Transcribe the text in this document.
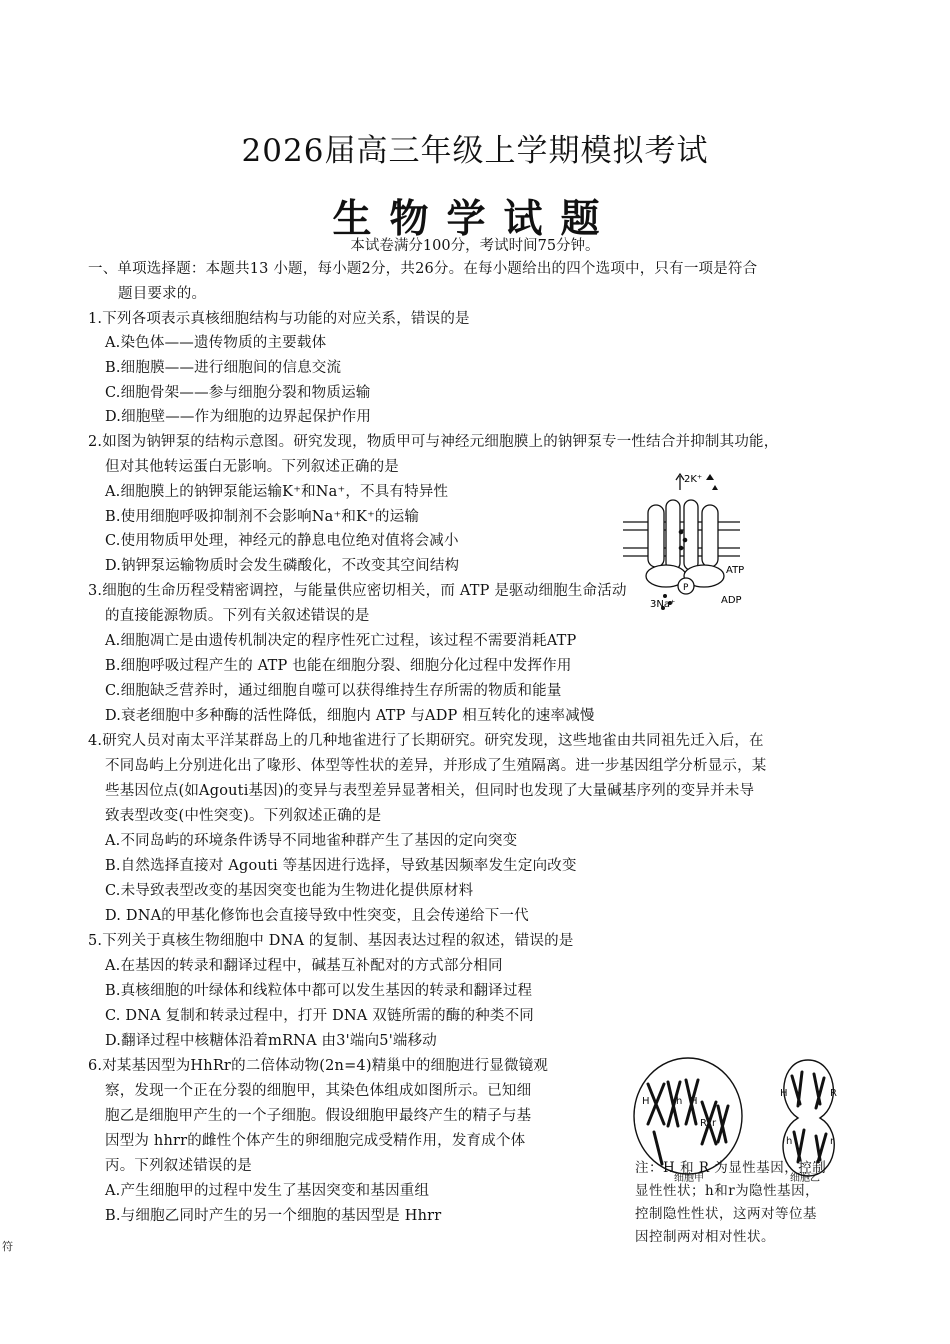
2026届高三年级上学期模拟考试
生物学试题
本试卷满分100分，考试时间75分钟。
一、单项选择题：本题共13 小题，每小题2分，共26分。在每小题给出的四个选项中，只有一项是符合
题目要求的。
1.下列各项表示真核细胞结构与功能的对应关系，错误的是
A.染色体——遗传物质的主要载体
B.细胞膜——进行细胞间的信息交流
C.细胞骨架——参与细胞分裂和物质运输
D.细胞壁——作为细胞的边界起保护作用
2.如图为钠钾泵的结构示意图。研究发现，物质甲可与神经元细胞膜上的钠钾泵专一性结合并抑制其功能，
但对其他转运蛋白无影响。下列叙述正确的是
A.细胞膜上的钠钾泵能运输K⁺和Na⁺，不具有特异性
B.使用细胞呼吸抑制剂不会影响Na⁺和K⁺的运输
C.使用物质甲处理，神经元的静息电位绝对值将会减小
D.钠钾泵运输物质时会发生磷酸化，不改变其空间结构
2K⁺
P
ATP
ADP
3Na⁺
3.细胞的生命历程受精密调控，与能量供应密切相关，而 ATP 是驱动细胞生命活动
的直接能源物质。下列有关叙述错误的是
A.细胞凋亡是由遗传机制决定的程序性死亡过程，该过程不需要消耗ATP
B.细胞呼吸过程产生的 ATP 也能在细胞分裂、细胞分化过程中发挥作用
C.细胞缺乏营养时，通过细胞自噬可以获得维持生存所需的物质和能量
D.衰老细胞中多种酶的活性降低，细胞内 ATP 与ADP 相互转化的速率减慢
4.研究人员对南太平洋某群岛上的几种地雀进行了长期研究。研究发现，这些地雀由共同祖先迁入后，在
不同岛屿上分别进化出了喙形、体型等性状的差异，并形成了生殖隔离。进一步基因组学分析显示，某
些基因位点(如Agouti基因)的变异与表型差异显著相关，但同时也发现了大量碱基序列的变异并未导
致表型改变(中性突变)。下列叙述正确的是
A.不同岛屿的环境条件诱导不同地雀种群产生了基因的定向突变
B.自然选择直接对 Agouti 等基因进行选择，导致基因频率发生定向改变
C.未导致表型改变的基因突变也能为生物进化提供原材料
D. DNA的甲基化修饰也会直接导致中性突变，且会传递给下一代
5.下列关于真核生物细胞中 DNA 的复制、基因表达过程的叙述，错误的是
A.在基因的转录和翻译过程中，碱基互补配对的方式部分相同
B.真核细胞的叶绿体和线粒体中都可以发生基因的转录和翻译过程
C. DNA 复制和转录过程中，打开 DNA 双链所需的酶的种类不同
D.翻译过程中核糖体沿着mRNA 由3'端向5'端移动
6.对某基因型为HhRr的二倍体动物(2n=4)精巢中的细胞进行显微镜观
察，发现一个正在分裂的细胞甲，其染色体组成如图所示。已知细
胞乙是细胞甲产生的一个子细胞。假设细胞甲最终产生的精子与基
因型为 hhrr的雌性个体产生的卵细胞完成受精作用，发育成个体
丙。下列叙述错误的是
A.产生细胞甲的过程中发生了基因突变和基因重组
B.与细胞乙同时产生的另一个细胞的基因型是 Hhrr
H	h H
R r
H	R
h	r
细胞甲	细胞乙
注：H 和 R 为显性基因，控制
显性性状；h和r为隐性基因，
控制隐性性状，这两对等位基
因控制两对相对性状。
符
